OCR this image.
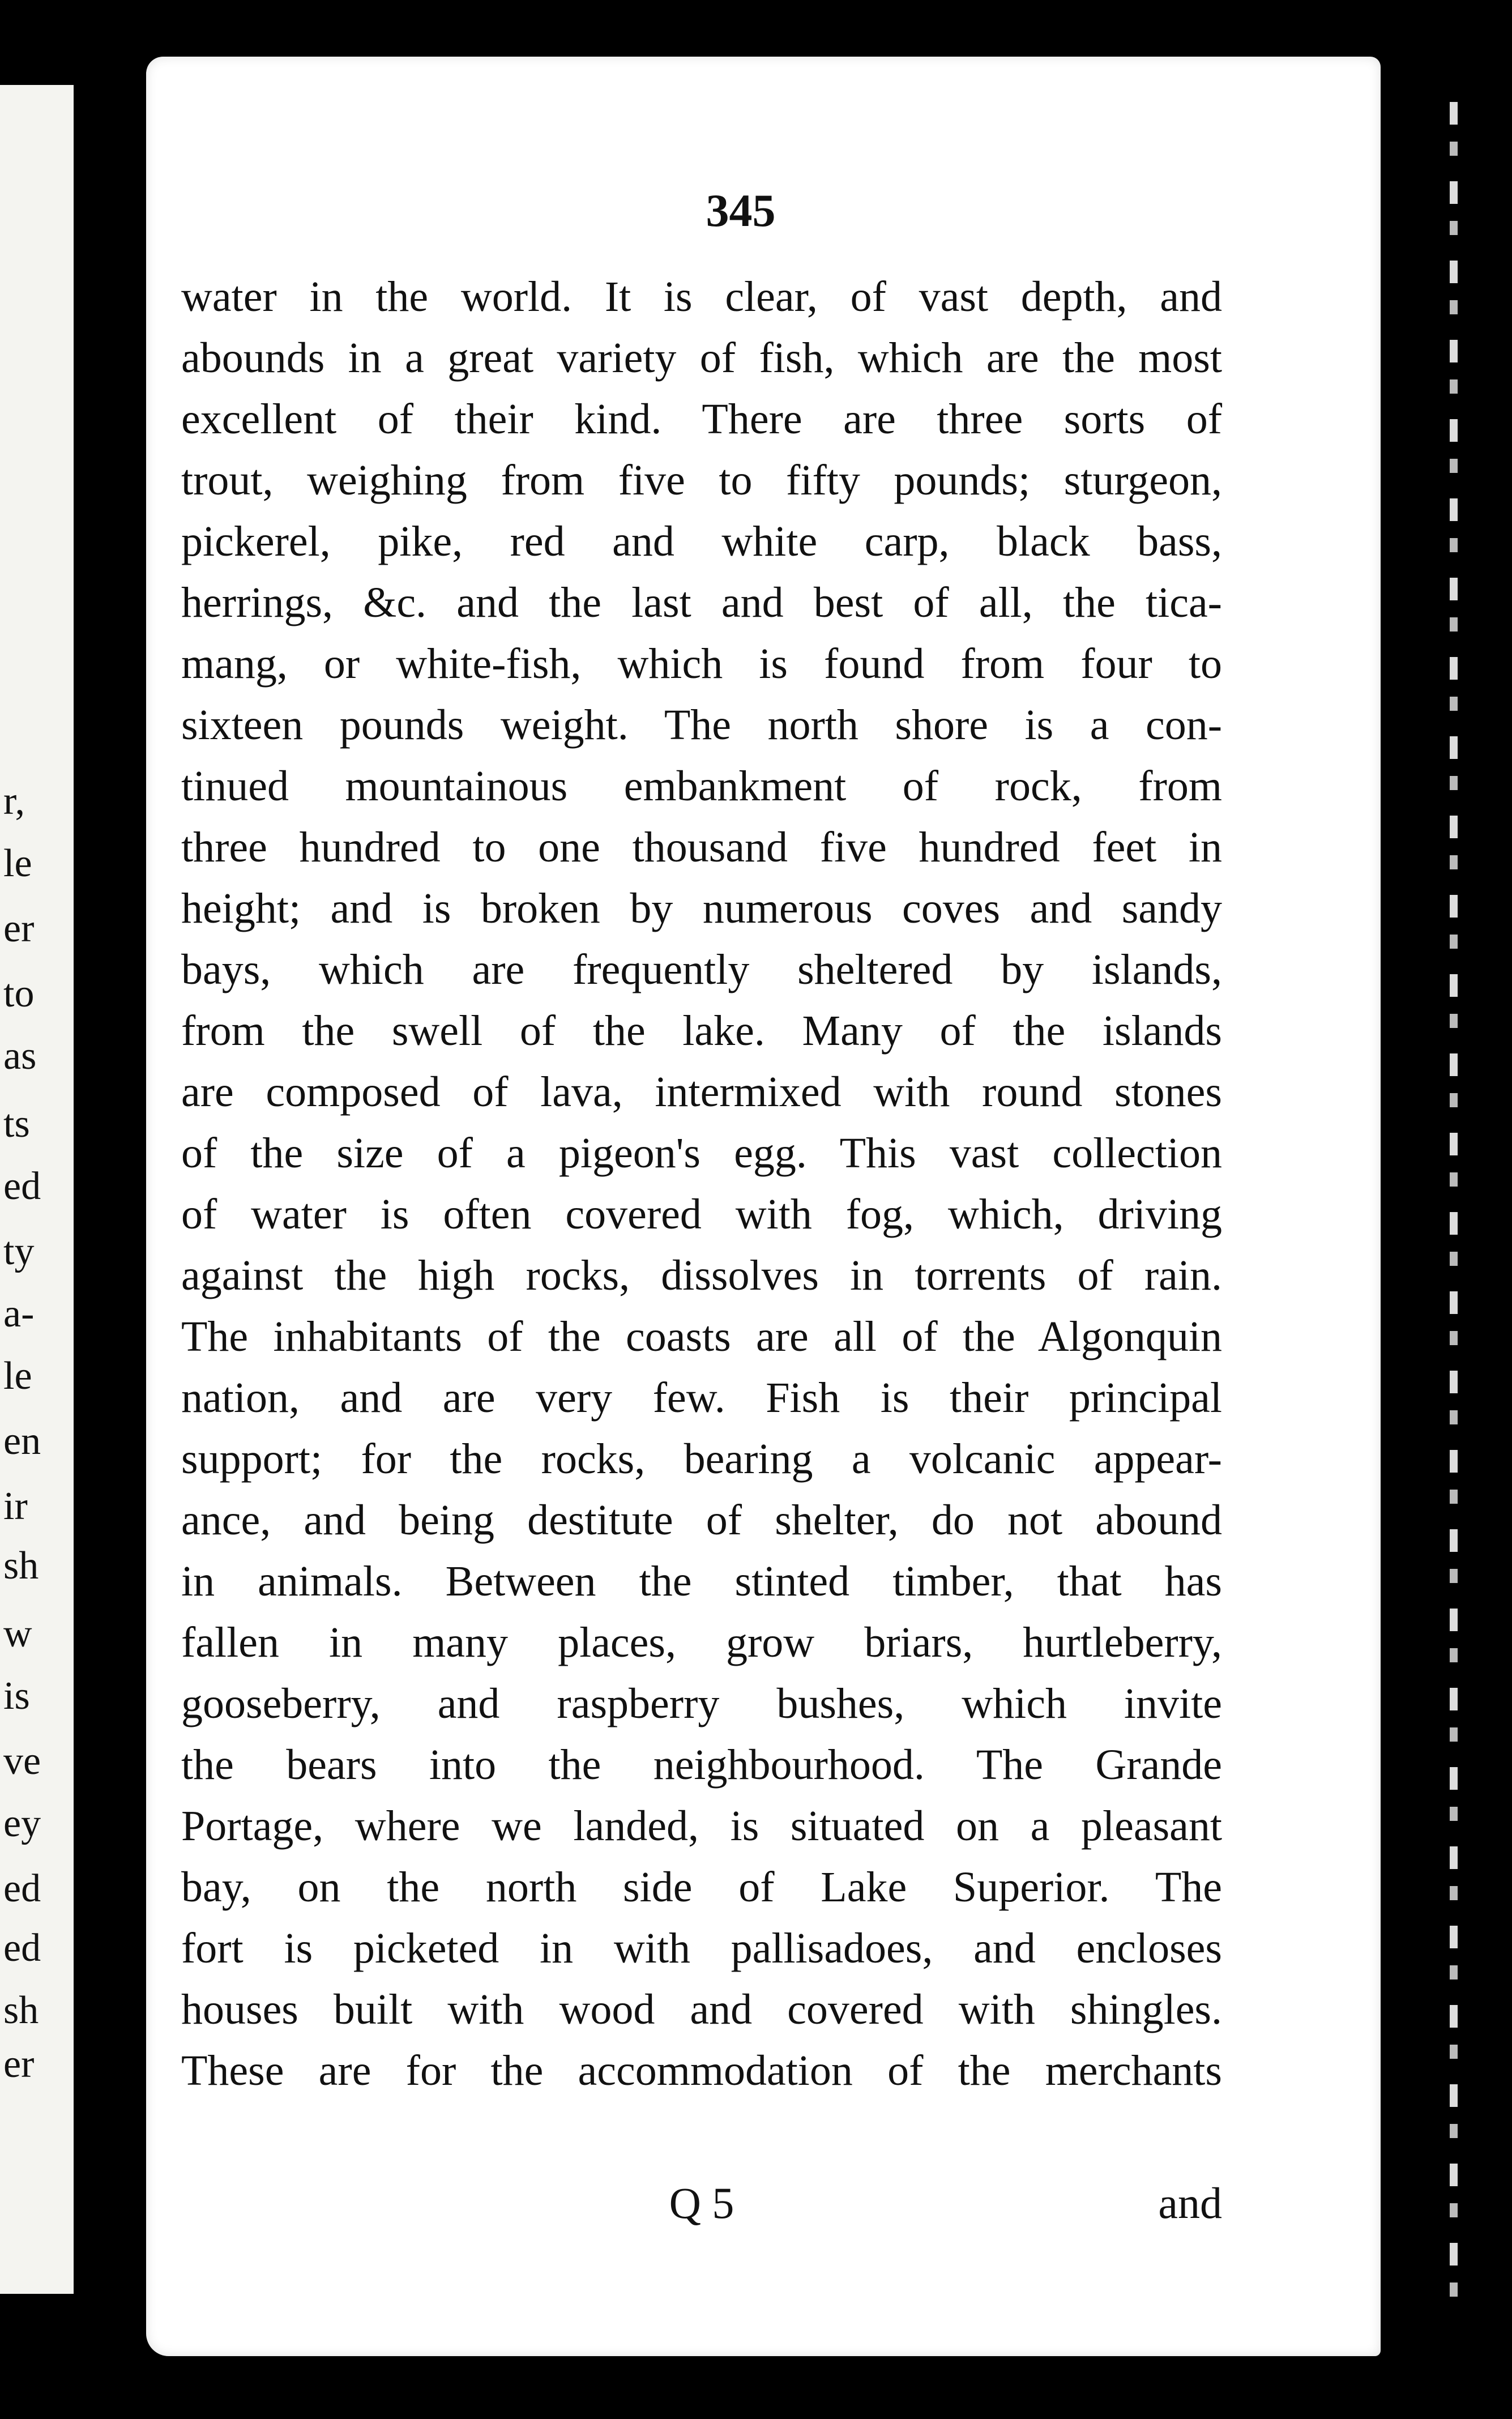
r,
le
er
to
as
ts
ed
ty
a-
le
en
ir
sh
w
is
ve
ey
ed
ed
sh
er
345
water in the world. It is clear, of vast depth, and
abounds in a great variety of fish, which are the most
excellent of their kind. There are three sorts of
trout, weighing from five to fifty pounds; sturgeon,
pickerel, pike, red and white carp, black bass,
herrings, &c. and the last and best of all, the tica-
mang, or white-fish, which is found from four to
sixteen pounds weight. The north shore is a con-
tinued mountainous embankment of rock, from
three hundred to one thousand five hundred feet in
height; and is broken by numerous coves and sandy
bays, which are frequently sheltered by islands,
from the swell of the lake. Many of the islands
are composed of lava, intermixed with round stones
of the size of a pigeon's egg. This vast collection
of water is often covered with fog, which, driving
against the high rocks, dissolves in torrents of rain.
The inhabitants of the coasts are all of the Algonquin
nation, and are very few. Fish is their principal
support; for the rocks, bearing a volcanic appear-
ance, and being destitute of shelter, do not abound
in animals. Between the stinted timber, that has
fallen in many places, grow briars, hurtleberry,
gooseberry, and raspberry bushes, which invite
the bears into the neighbourhood. The Grande
Portage, where we landed, is situated on a pleasant
bay, on the north side of Lake Superior. The
fort is picketed in with pallisadoes, and encloses
houses built with wood and covered with shingles.
These are for the accommodation of the merchants
Q 5	and
